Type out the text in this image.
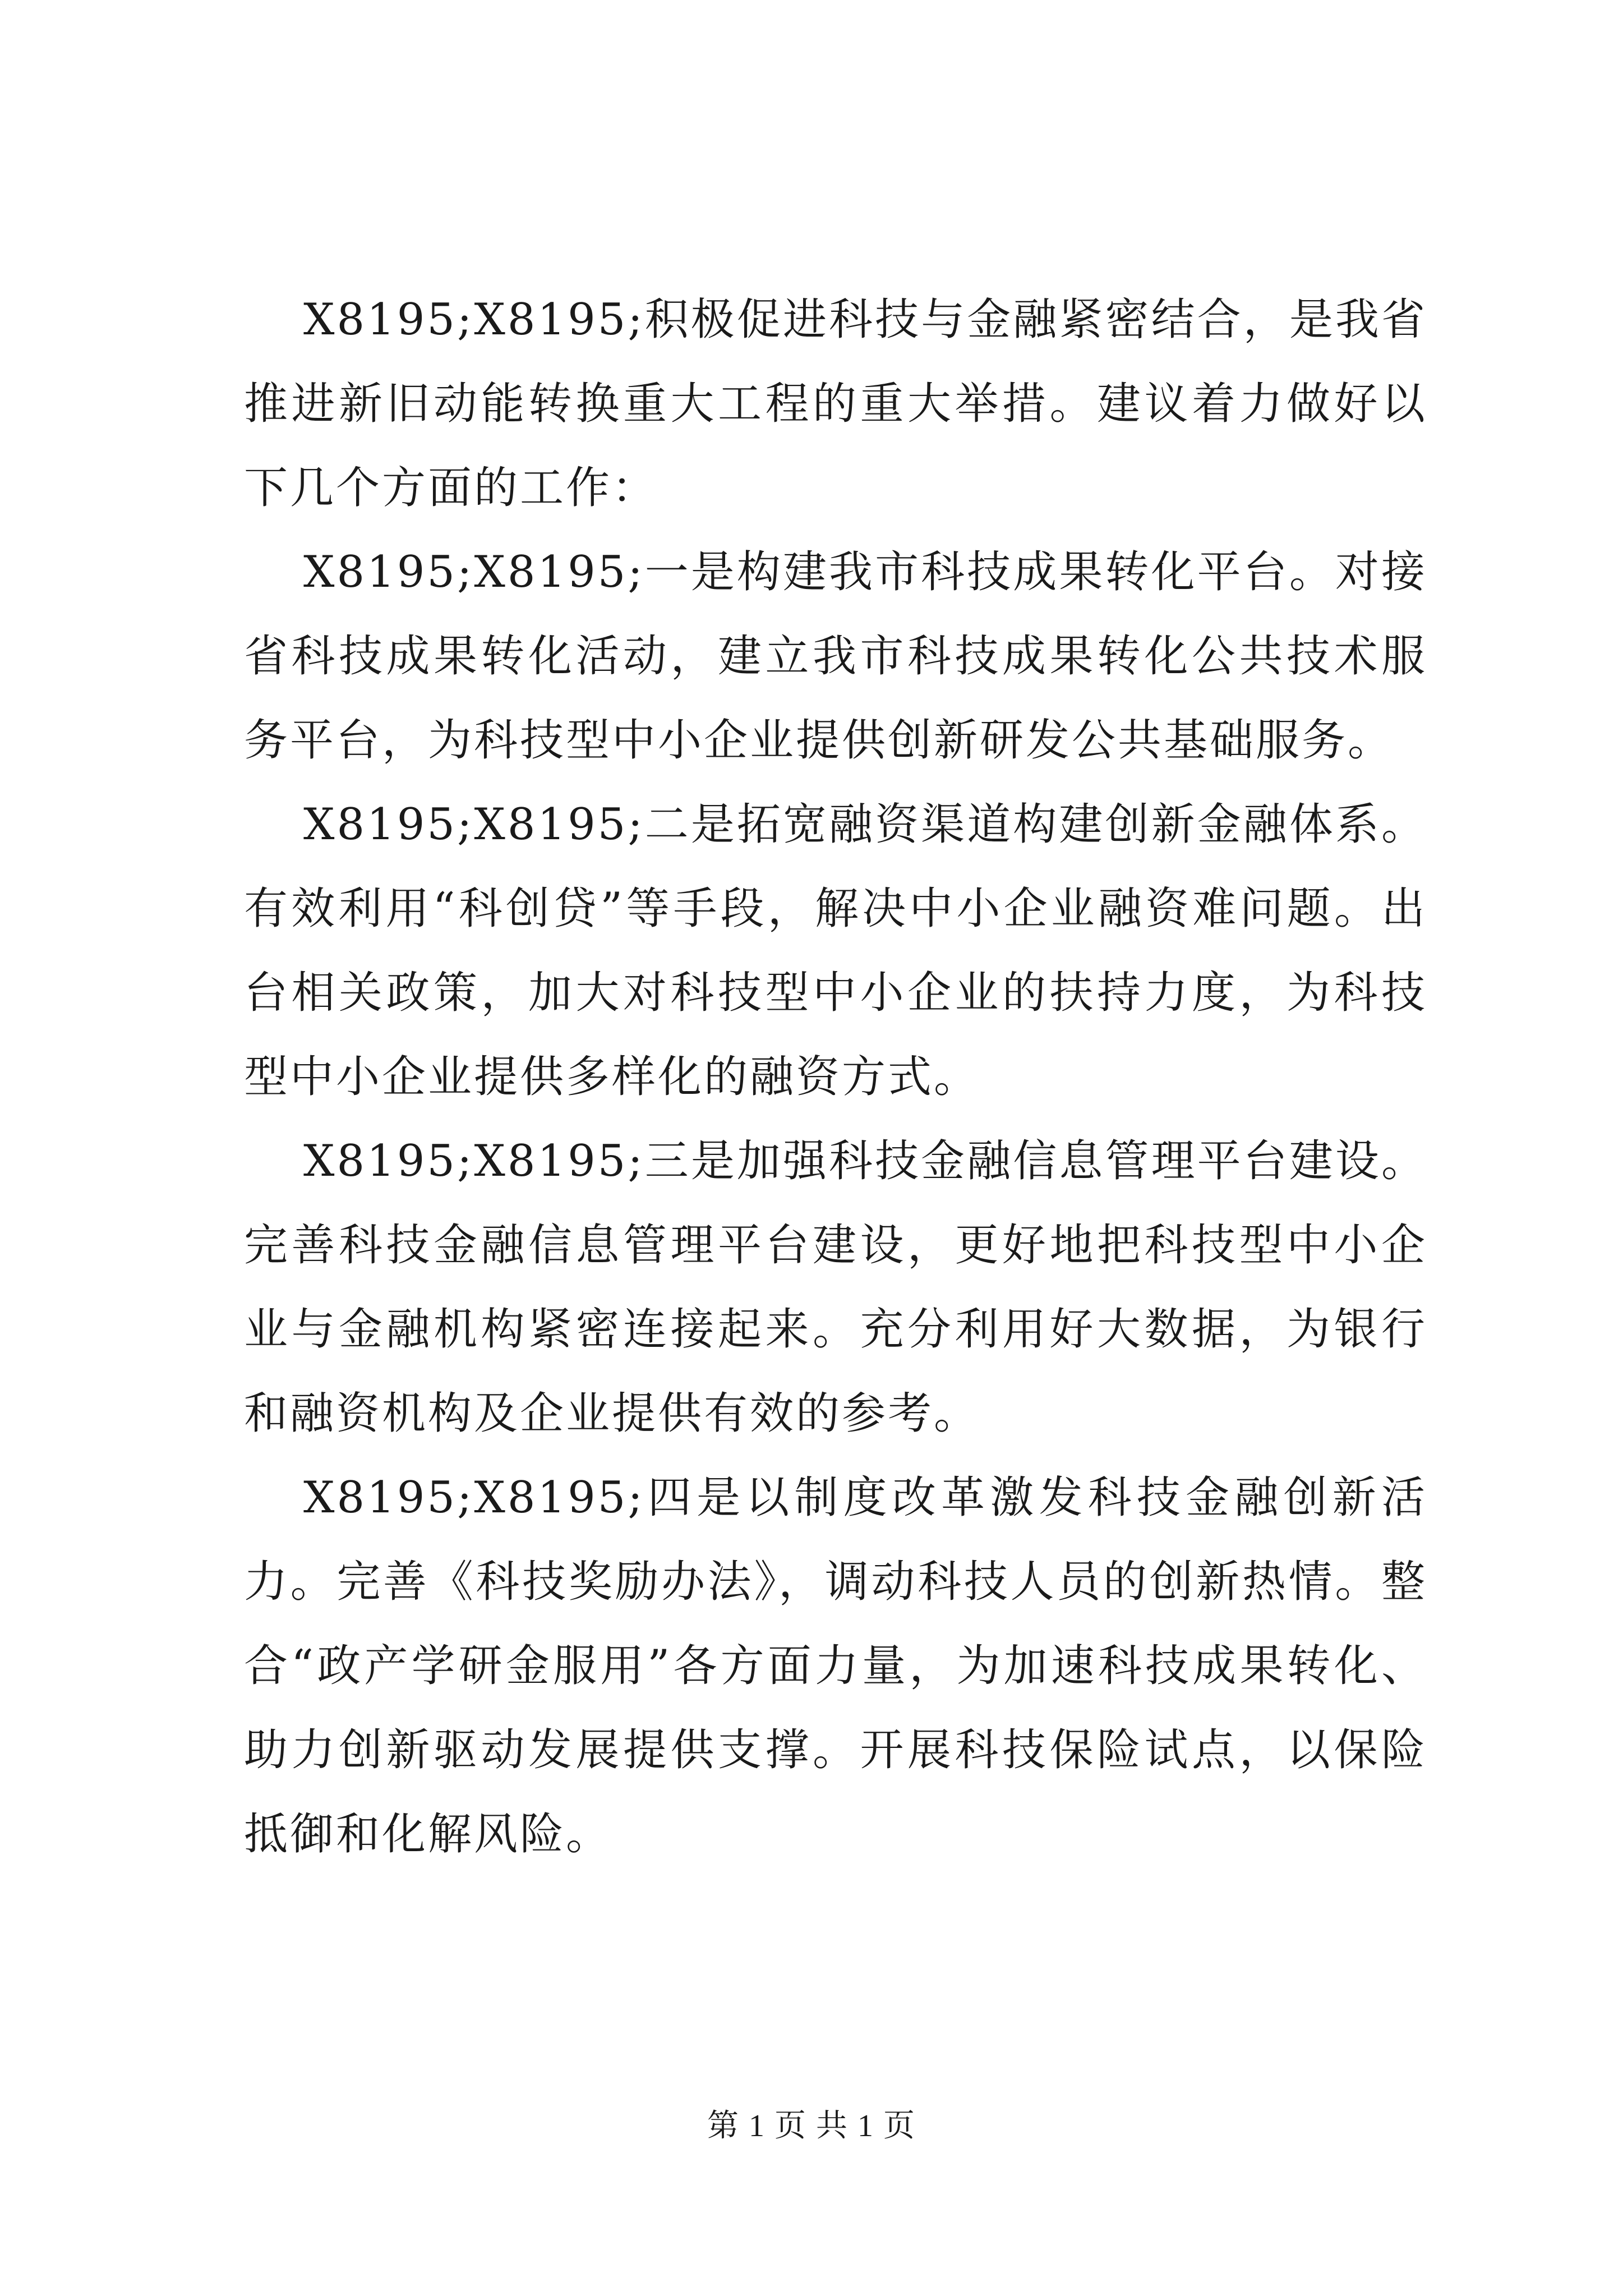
X8195;X8195;积极促进科技与金融紧密结合，是我省推进新旧动能转换重大工程的重大举措。建议着力做好以下几个方面的工作：

X8195;X8195;一是构建我市科技成果转化平台。对接省科技成果转化活动，建立我市科技成果转化公共技术服务平台，为科技型中小企业提供创新研发公共基础服务。

X8195;X8195;二是拓宽融资渠道构建创新金融体系。有效利用“科创贷”等手段，解决中小企业融资难问题。出台相关政策，加大对科技型中小企业的扶持力度，为科技型中小企业提供多样化的融资方式。

X8195;X8195;三是加强科技金融信息管理平台建设。完善科技金融信息管理平台建设，更好地把科技型中小企业与金融机构紧密连接起来。充分利用好大数据，为银行和融资机构及企业提供有效的参考。

X8195;X8195;四是以制度改革激发科技金融创新活力。完善《科技奖励办法》，调动科技人员的创新热情。整合“政产学研金服用”各方面力量，为加速科技成果转化、助力创新驱动发展提供支撑。开展科技保险试点，以保险抵御和化解风险。

第 1 页 共 1 页
